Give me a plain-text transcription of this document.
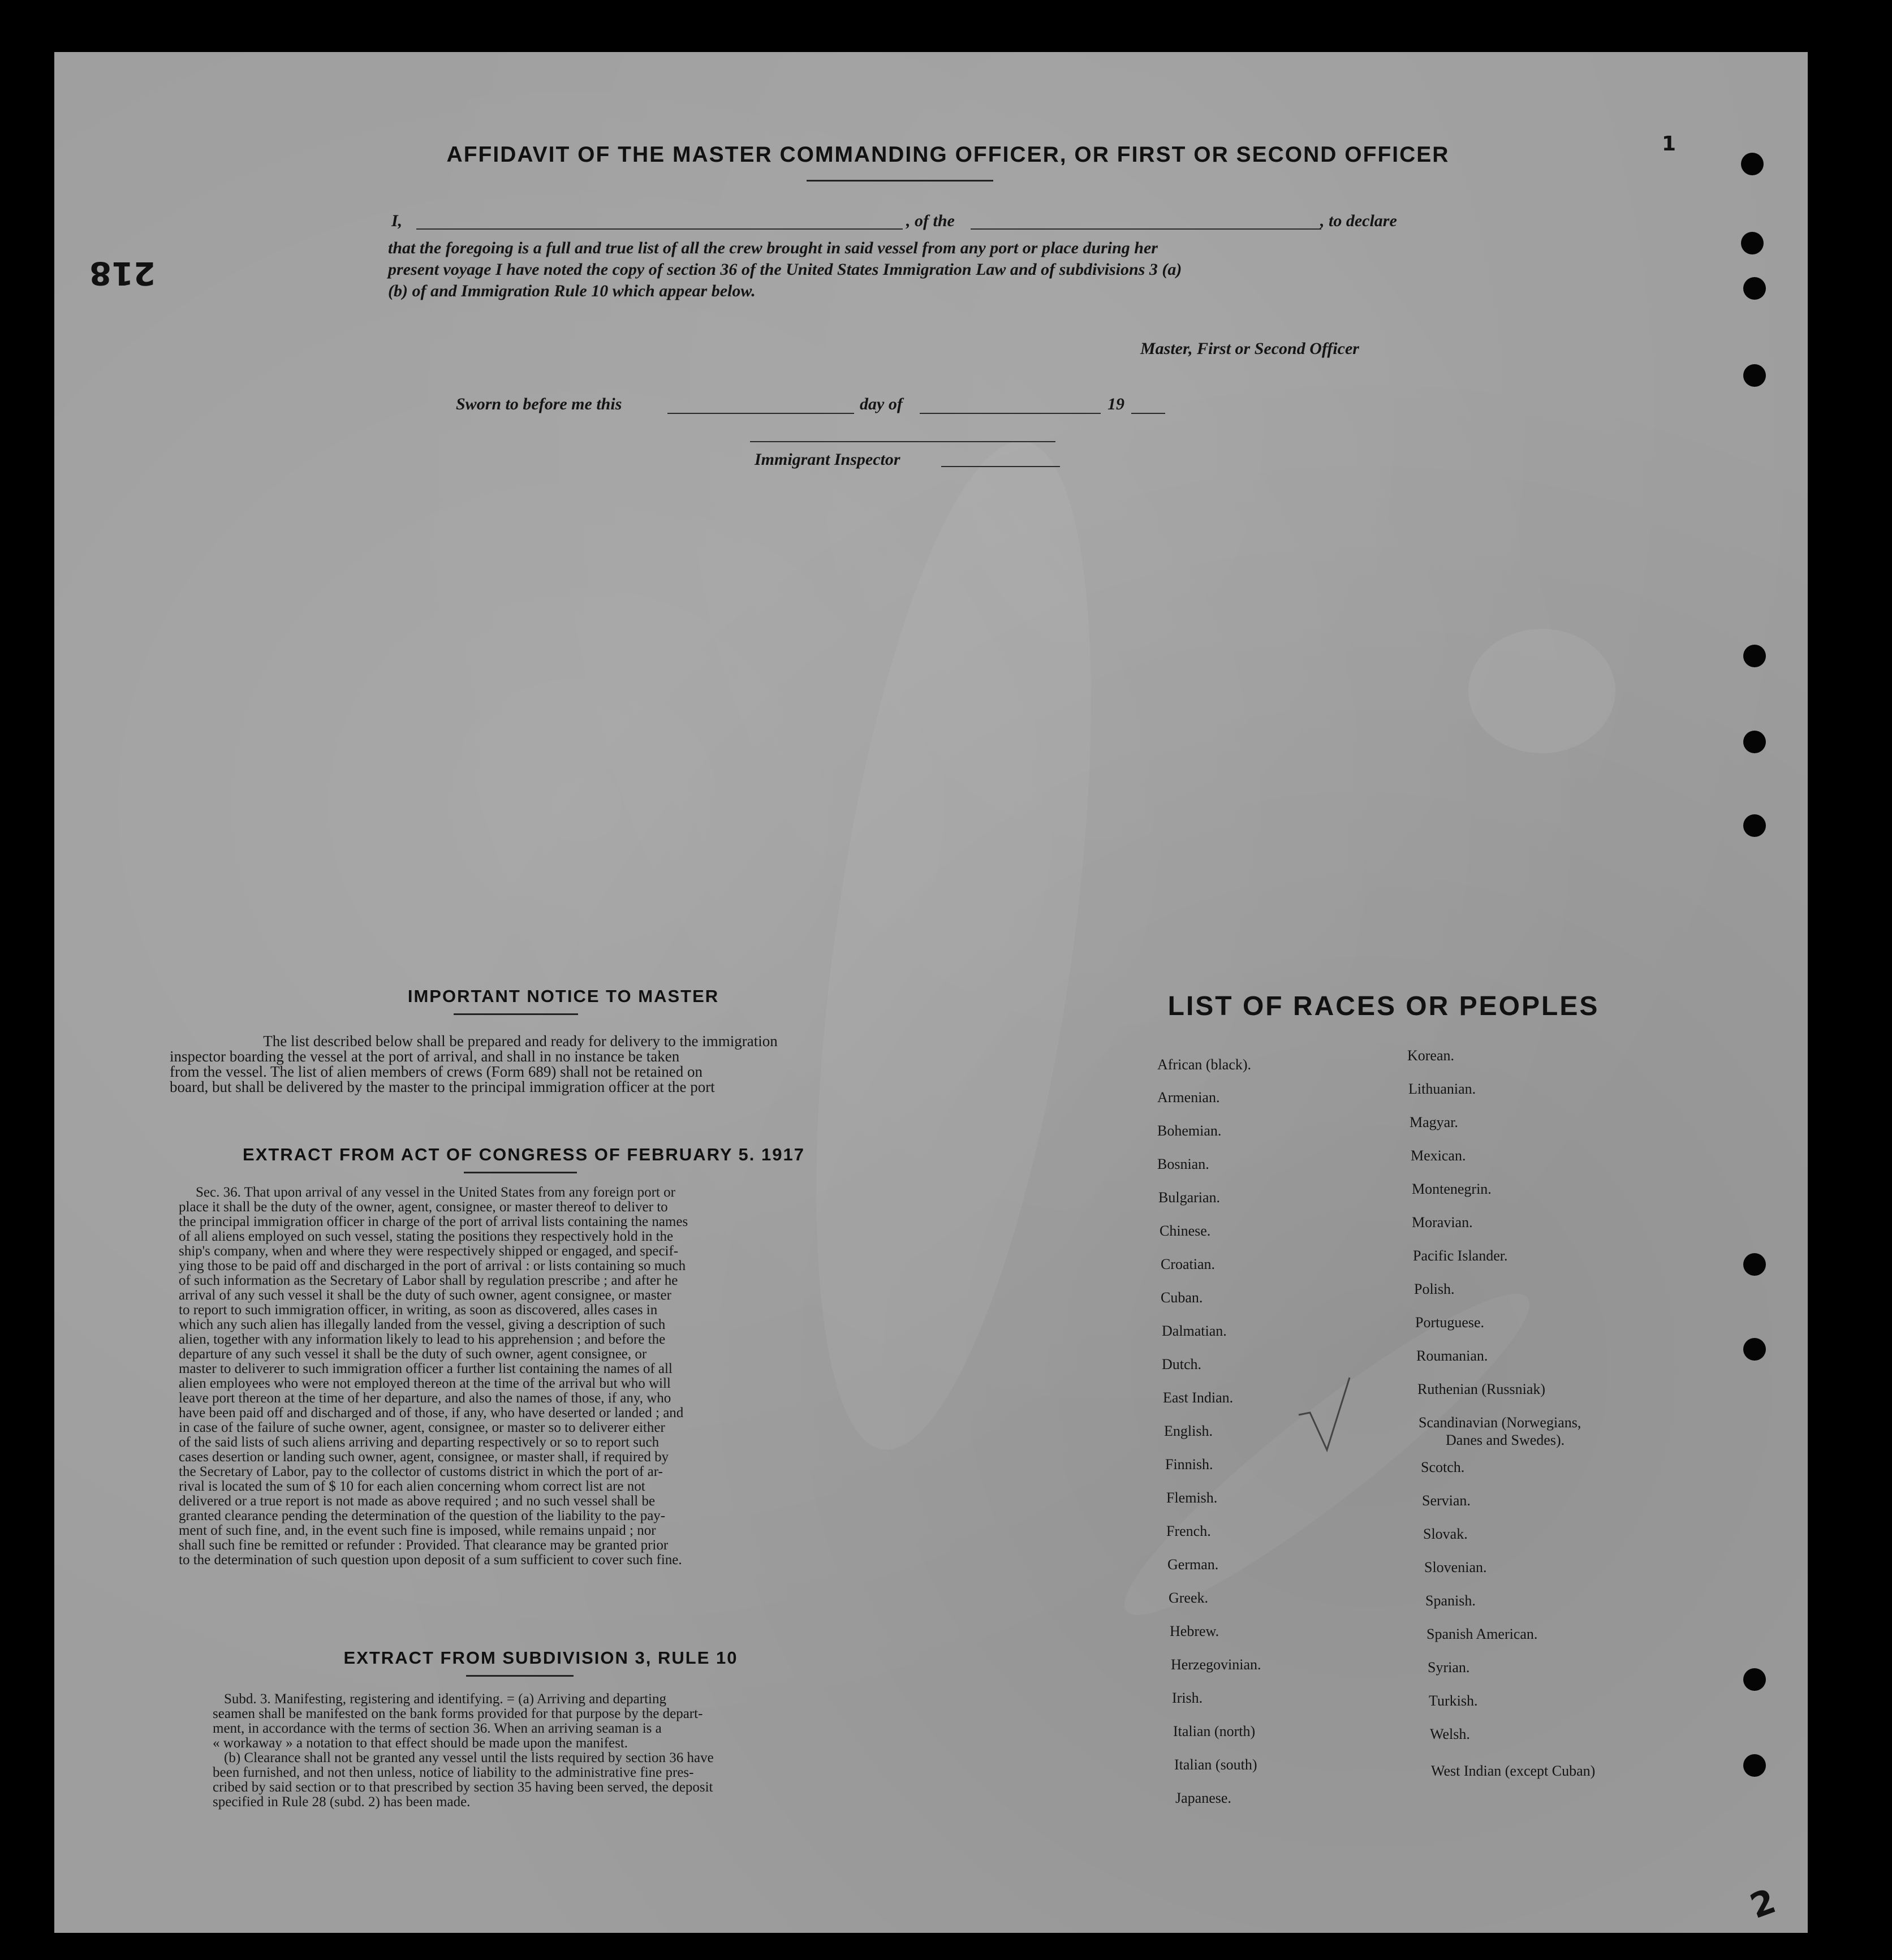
218
1
2
AFFIDAVIT OF THE MASTER COMMANDING OFFICER, OR FIRST OR SECOND OFFICER
I,	, of the	, to declare
that the foregoing is a full and true list of all the crew brought in said vessel from any port or place during her
present voyage I have noted the copy of section 36 of the United States Immigration Law and of subdivisions 3 (a)
(b) of and Immigration Rule 10 which appear below.
Master, First or Second Officer
Sworn to before me this	day of	19
Immigrant Inspector
IMPORTANT NOTICE TO MASTER
The list described below shall be prepared and ready for delivery to the immigration
inspector boarding the vessel at the port of arrival, and shall in no instance be taken
from the vessel. The list of alien members of crews (Form 689) shall not be retained on
board, but shall be delivered by the master to the principal immigration officer at the port
EXTRACT FROM ACT OF CONGRESS OF FEBRUARY 5. 1917
Sec. 36. That upon arrival of any vessel in the United States from any foreign port or
place it shall be the duty of the owner, agent, consignee, or master thereof to deliver to
the principal immigration officer in charge of the port of arrival lists containing the names
of all aliens employed on such vessel, stating the positions they respectively hold in the
ship's company, when and where they were respectively shipped or engaged, and specif-
ying those to be paid off and discharged in the port of arrival : or lists containing so much
of such information as the Secretary of Labor shall by regulation prescribe ; and after he
arrival of any such vessel it shall be the duty of such owner, agent consignee, or master
to report to such immigration officer, in writing, as soon as discovered, alles cases in
which any such alien has illegally landed from the vessel, giving a description of such
alien, together with any information likely to lead to his apprehension ; and before the
departure of any such vessel it shall be the duty of such owner, agent consignee, or
master to deliverer to such immigration officer a further list containing the names of all
alien employees who were not employed thereon at the time of the arrival but who will
leave port thereon at the time of her departure, and also the names of those, if any, who
have been paid off and discharged and of those, if any, who have deserted or landed ; and
in case of the failure of suche owner, agent, consignee, or master so to deliverer either
of the said lists of such aliens arriving and departing respectively or so to report such
cases desertion or landing such owner, agent, consignee, or master shall, if required by
the Secretary of Labor, pay to the collector of customs district in which the port of ar-
rival is located the sum of $ 10 for each alien concerning whom correct list are not
delivered or a true report is not made as above required ; and no such vessel shall be
granted clearance pending the determination of the question of the liability to the pay-
ment of such fine, and, in the event such fine is imposed, while remains unpaid ; nor
shall such fine be remitted or refunder : Provided. That clearance may be granted prior
to the determination of such question upon deposit of a sum sufficient to cover such fine.
EXTRACT FROM SUBDIVISION 3, RULE 10
Subd. 3. Manifesting, registering and identifying. = (a) Arriving and departing
seamen shall be manifested on the bank forms provided for that purpose by the depart-
ment, in accordance with the terms of section 36. When an arriving seaman is a
« workaway » a notation to that effect should be made upon the manifest.
(b) Clearance shall not be granted any vessel until the lists required by section 36 have
been furnished, and not then unless, notice of liability to the administrative fine pres-
cribed by said section or to that prescribed by section 35 having been served, the deposit
specified in Rule 28 (subd. 2) has been made.
LIST OF RACES OR PEOPLES
African (black).
Armenian.
Bohemian.
Bosnian.
Bulgarian.
Chinese.
Croatian.
Cuban.
Dalmatian.
Dutch.
East Indian.
English.
Finnish.
Flemish.
French.
German.
Greek.
Hebrew.
Herzegovinian.
Irish.
Italian (north)
Italian (south)
Japanese.
Korean.
Lithuanian.
Magyar.
Mexican.
Montenegrin.
Moravian.
Pacific Islander.
Polish.
Portuguese.
Roumanian.
Ruthenian (Russniak)
Scandinavian (Norwegians,
Danes and Swedes).
Scotch.
Servian.
Slovak.
Slovenian.
Spanish.
Spanish American.
Syrian.
Turkish.
Welsh.
West Indian (except Cuban)
